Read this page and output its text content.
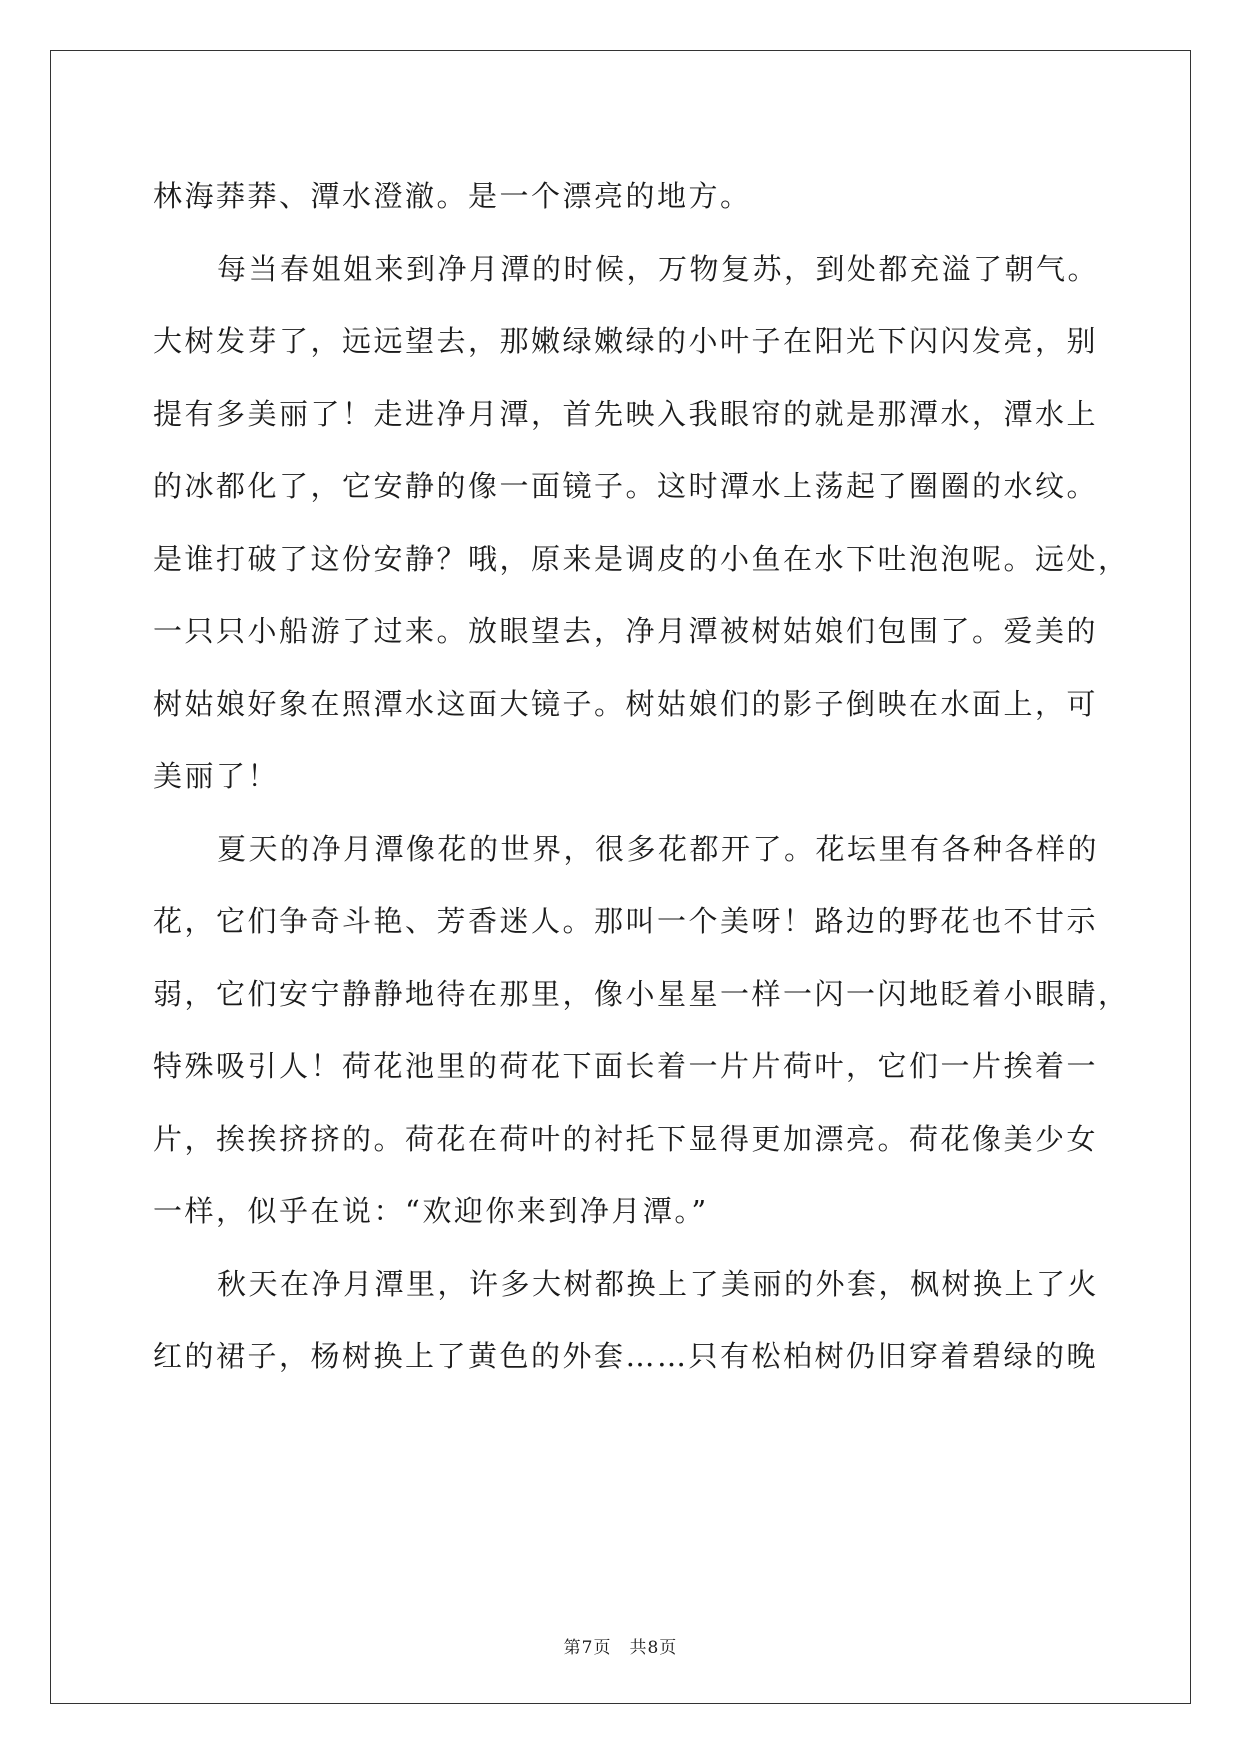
林海莽莽、潭水澄澈。是一个漂亮的地方。
每当春姐姐来到净月潭的时候，万物复苏，到处都充溢了朝气。
大树发芽了，远远望去，那嫩绿嫩绿的小叶子在阳光下闪闪发亮，别
提有多美丽了！走进净月潭，首先映入我眼帘的就是那潭水，潭水上
的冰都化了，它安静的像一面镜子。这时潭水上荡起了圈圈的水纹。
是谁打破了这份安静？哦，原来是调皮的小鱼在水下吐泡泡呢。远处，
一只只小船游了过来。放眼望去，净月潭被树姑娘们包围了。爱美的
树姑娘好象在照潭水这面大镜子。树姑娘们的影子倒映在水面上，可
美丽了！
夏天的净月潭像花的世界，很多花都开了。花坛里有各种各样的
花，它们争奇斗艳、芳香迷人。那叫一个美呀！路边的野花也不甘示
弱，它们安宁静静地待在那里，像小星星一样一闪一闪地眨着小眼睛，
特殊吸引人！荷花池里的荷花下面长着一片片荷叶，它们一片挨着一
片，挨挨挤挤的。荷花在荷叶的衬托下显得更加漂亮。荷花像美少女
一样，似乎在说：“欢迎你来到净月潭。”
秋天在净月潭里，许多大树都换上了美丽的外套，枫树换上了火
红的裙子，杨树换上了黄色的外套……只有松柏树仍旧穿着碧绿的晚
第7页　共8页
